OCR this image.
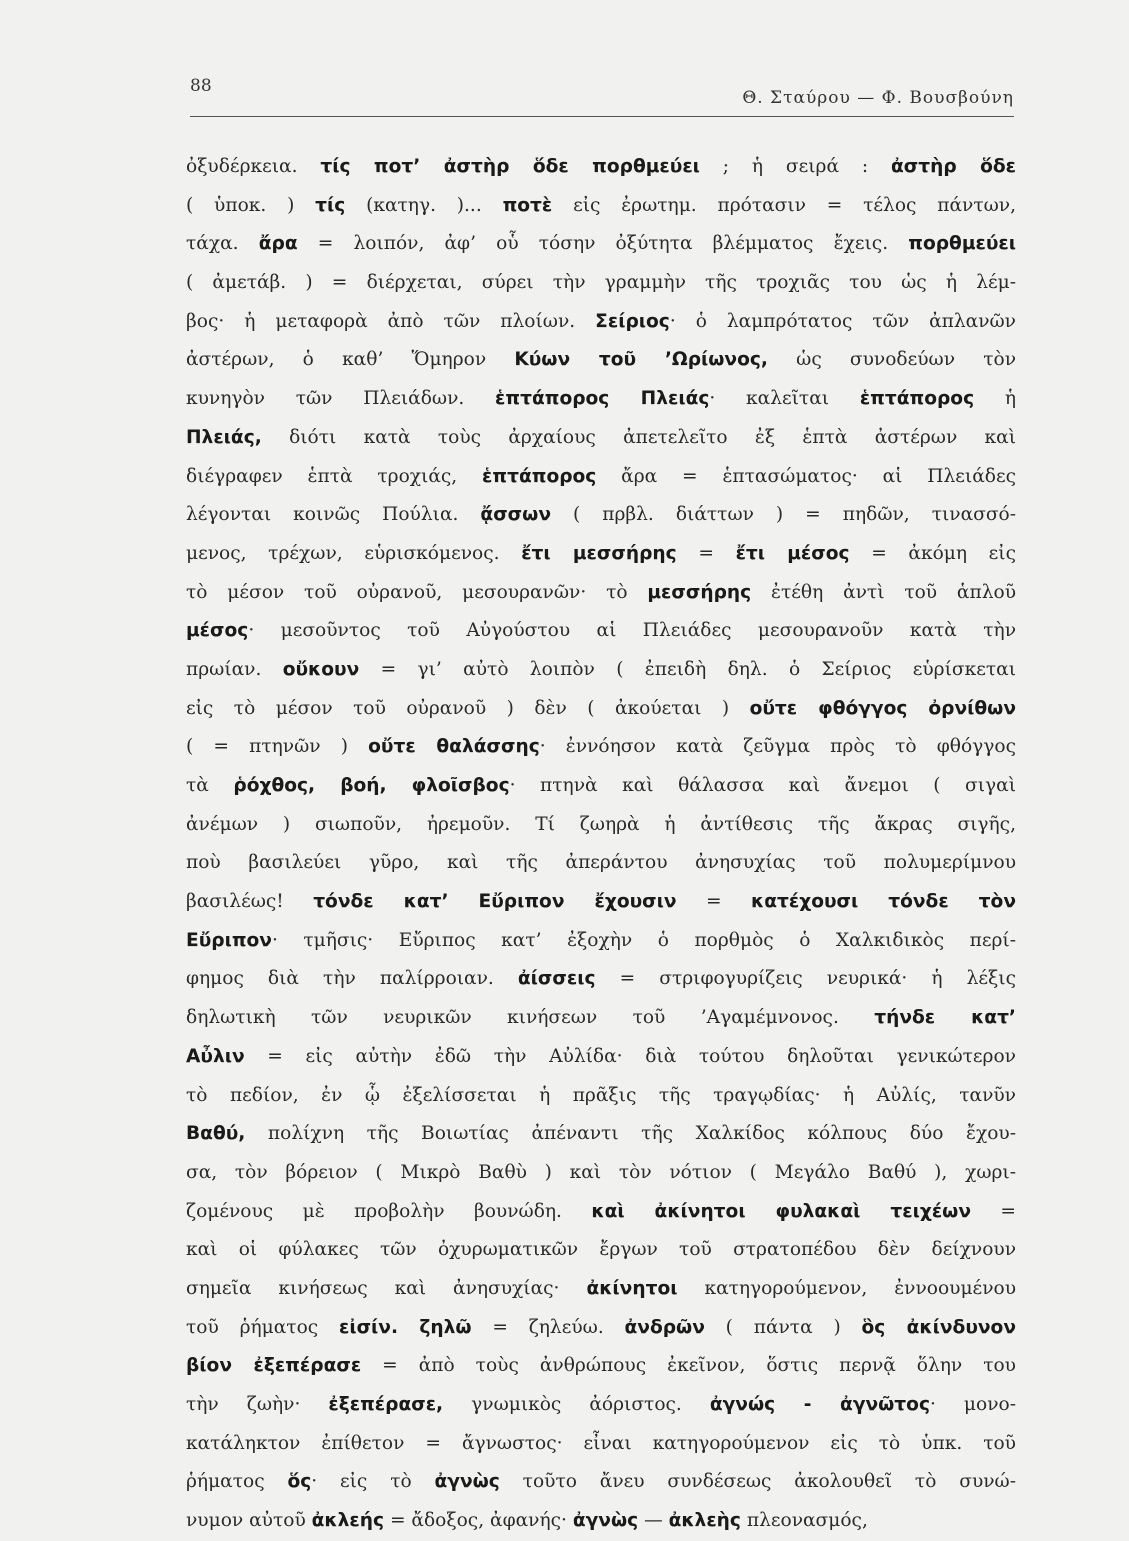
88
Θ. Σταύρου — Φ. Βουσβούνη
ὀξυδέρκεια. τίς ποτ’ ἀστὴρ ὅδε πορθμεύει ; ἡ σειρά : ἀστὴρ ὅδε
( ὑποκ. ) τίς (κατηγ. )... ποτὲ εἰς ἐρωτημ. πρότασιν = τέλος πάντων,
τάχα. ἄρα = λοιπόν, ἀφ’ οὗ τόσην ὀξύτητα βλέμματος ἔχεις. πορθμεύει
( ἀμετάβ. ) = διέρχεται, σύρει τὴν γραμμὴν τῆς τροχιᾶς του ὡς ἡ λέμ-
βος· ἡ μεταφορὰ ἀπὸ τῶν πλοίων. Σείριος· ὁ λαμπρότατος τῶν ἀπλανῶν
ἀστέρων, ὁ καθ’ Ὅμηρον Κύων τοῦ ’Ωρίωνος, ὡς συνοδεύων τὸν
κυνηγὸν τῶν Πλειάδων. ἑπτάπορος Πλειάς· καλεῖται ἑπτάπορος ἡ
Πλειάς, διότι κατὰ τοὺς ἀρχαίους ἀπετελεῖτο ἐξ ἑπτὰ ἀστέρων καὶ
διέγραφεν ἑπτὰ τροχιάς, ἑπτάπορος ἄρα = ἑπτασώματος· αἱ Πλειάδες
λέγονται κοινῶς Πούλια. ᾄσσων ( πρβλ. διάττων ) = πηδῶν, τινασσό-
μενος, τρέχων, εὑρισκόμενος. ἔτι μεσσήρης = ἔτι μέσος = ἀκόμη εἰς
τὸ μέσον τοῦ οὐρανοῦ, μεσουρανῶν· τὸ μεσσήρης ἐτέθη ἀντὶ τοῦ ἁπλοῦ
μέσος· μεσοῦντος τοῦ Αὐγούστου αἱ Πλειάδες μεσουρανοῦν κατὰ τὴν
πρωίαν. οὔκουν = γι’ αὐτὸ λοιπὸν ( ἐπειδὴ δηλ. ὁ Σείριος εὑρίσκεται
εἰς τὸ μέσον τοῦ οὐρανοῦ ) δὲν ( ἀκούεται ) οὔτε φθόγγος ὀρνίθων
( = πτηνῶν ) οὔτε θαλάσσης· ἐννόησον κατὰ ζεῦγμα πρὸς τὸ φθόγγος
τὰ ῥόχθος, βοή, φλοῖσβος· πτηνὰ καὶ θάλασσα καὶ ἄνεμοι ( σιγαὶ
ἀνέμων ) σιωποῦν, ἠρεμοῦν. Τί ζωηρὰ ἡ ἀντίθεσις τῆς ἄκρας σιγῆς,
ποὺ βασιλεύει γῦρο, καὶ τῆς ἀπεράντου ἀνησυχίας τοῦ πολυμερίμνου
βασιλέως! τόνδε κατ’ Εὔριπον ἔχουσιν = κατέχουσι τόνδε τὸν
Εὔριπον· τμῆσις· Εὔριπος κατ’ ἐξοχὴν ὁ πορθμὸς ὁ Χαλκιδικὸς περί-
φημος διὰ τὴν παλίρροιαν. ἀίσσεις = στριφογυρίζεις νευρικά· ἡ λέξις
δηλωτικὴ τῶν νευρικῶν κινήσεων τοῦ ’Αγαμέμνονος. τήνδε κατ’
Αὖλιν = εἰς αὐτὴν ἐδῶ τὴν Αὐλίδα· διὰ τούτου δηλοῦται γενικώτερον
τὸ πεδίον, ἐν ᾧ ἐξελίσσεται ἡ πρᾶξις τῆς τραγῳδίας· ἡ Αὐλίς, τανῦν
Βαθύ, πολίχνη τῆς Βοιωτίας ἀπέναντι τῆς Χαλκίδος κόλπους δύο ἔχου-
σα, τὸν βόρειον ( Μικρὸ Βαθὺ ) καὶ τὸν νότιον ( Μεγάλο Βαθύ ), χωρι-
ζομένους μὲ προβολὴν βουνώδη. καὶ ἀκίνητοι φυλακαὶ τειχέων =
καὶ οἱ φύλακες τῶν ὀχυρωματικῶν ἔργων τοῦ στρατοπέδου δὲν δείχνουν
σημεῖα κινήσεως καὶ ἀνησυχίας· ἀκίνητοι κατηγορούμενον, ἐννοουμένου
τοῦ ῥήματος εἰσίν. ζηλῶ = ζηλεύω. ἀνδρῶν ( πάντα ) ὃς ἀκίνδυνον
βίον ἐξεπέρασε = ἀπὸ τοὺς ἀνθρώπους ἐκεῖνον, ὅστις περνᾷ ὅλην του
τὴν ζωὴν· ἐξεπέρασε, γνωμικὸς ἀόριστος. ἀγνώς - ἀγνῶτος· μονο-
κατάληκτον ἐπίθετον = ἄγνωστος· εἶναι κατηγορούμενον εἰς τὸ ὑπκ. τοῦ
ῥήματος ὅς· εἰς τὸ ἀγνὼς τοῦτο ἄνευ συνδέσεως ἀκολουθεῖ τὸ συνώ-
νυμον αὐτοῦ ἀκλεής = ἄδοξος, ἀφανής· ἀγνὼς — ἀκλεὴς πλεονασμός,
